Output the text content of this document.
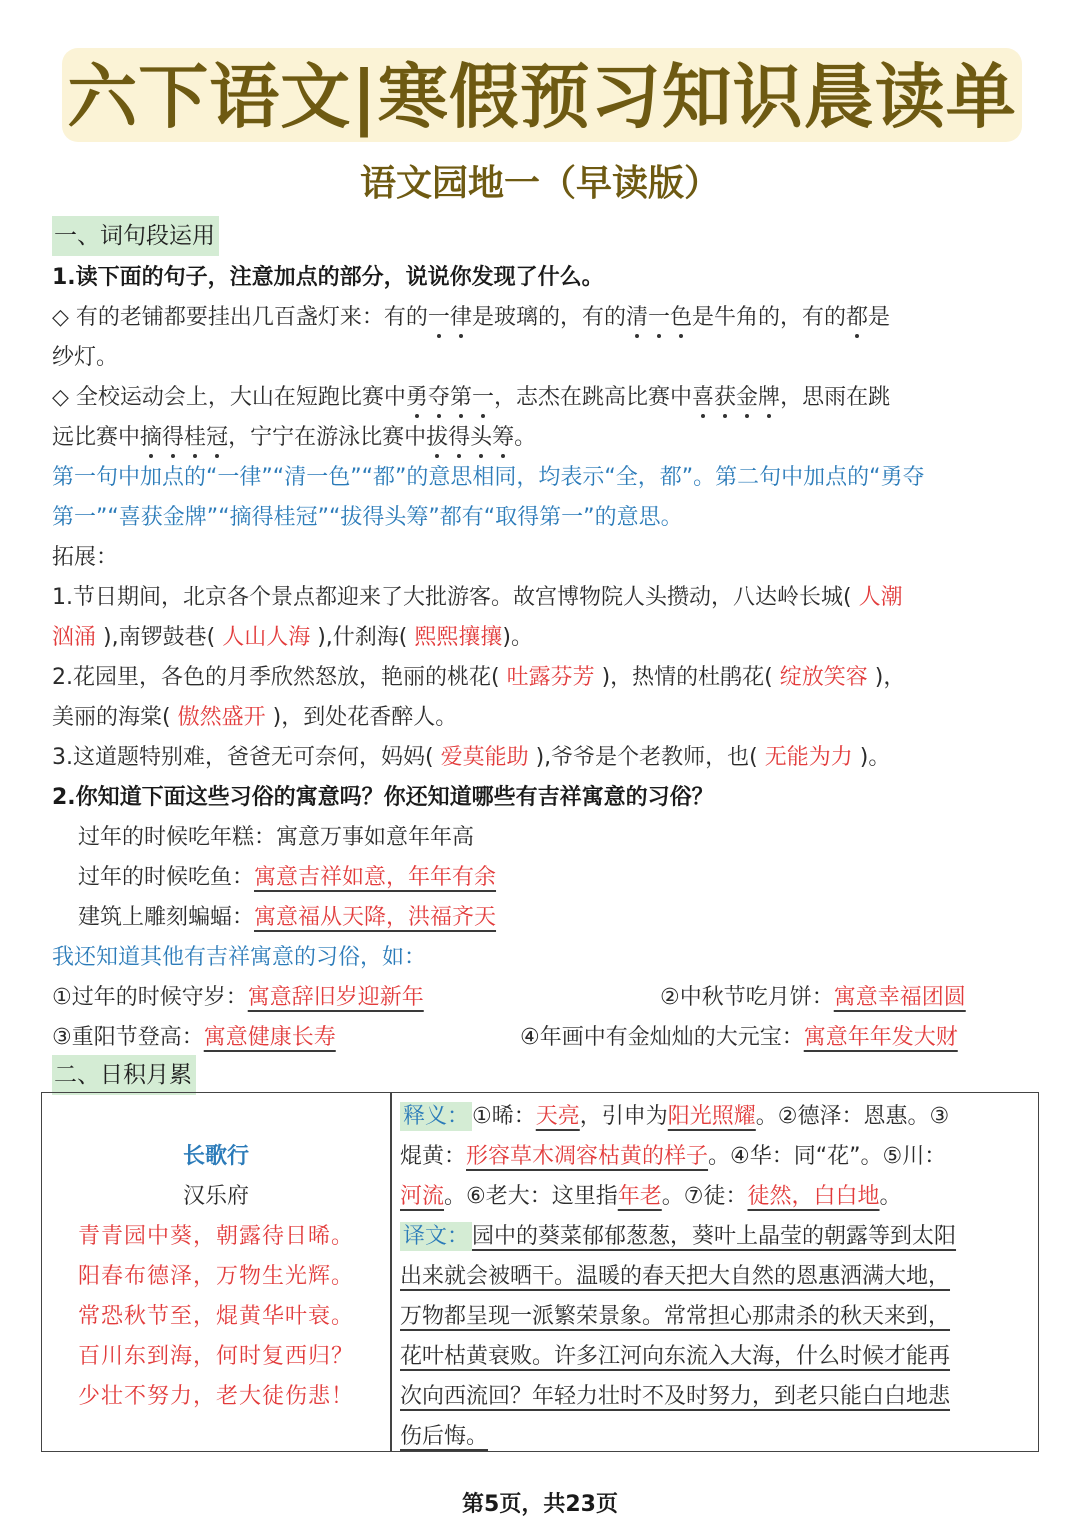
六下语文|寒假预习知识晨读单
语文园地一（早读版）
一、词句段运用
1.读下面的句子，注意加点的部分，说说你发现了什么。
◇ 有的老铺都要挂出几百盏灯来：有的一律是玻璃的，有的清一色是牛角的，有的都是
纱灯。
◇ 全校运动会上，大山在短跑比赛中勇夺第一，志杰在跳高比赛中喜获金牌，思雨在跳
远比赛中摘得桂冠，宁宁在游泳比赛中拔得头筹。
第一句中加点的“一律”“清一色”“都”的意思相同，均表示“全，都”。第二句中加点的“勇夺
第一”“喜获金牌”“摘得桂冠”“拔得头筹”都有“取得第一”的意思。
拓展：
1.节日期间，北京各个景点都迎来了大批游客。故宫博物院人头攒动，八达岭长城( 人潮
汹涌 ),南锣鼓巷( 人山人海 ),什刹海( 熙熙攘攘)。
2.花园里，各色的月季欣然怒放，艳丽的桃花( 吐露芬芳 )，热情的杜鹃花( 绽放笑容 )，
美丽的海棠( 傲然盛开 )，到处花香醉人。
3.这道题特别难，爸爸无可奈何，妈妈( 爱莫能助 ),爷爷是个老教师，也( 无能为力 )。
2.你知道下面这些习俗的寓意吗？你还知道哪些有吉祥寓意的习俗？
过年的时候吃年糕：寓意万事如意年年高
过年的时候吃鱼：寓意吉祥如意，年年有余
建筑上雕刻蝙蝠：寓意福从天降，洪福齐天
我还知道其他有吉祥寓意的习俗，如：
①过年的时候守岁：寓意辞旧岁迎新年	②中秋节吃月饼：寓意幸福团圆
③重阳节登高：寓意健康长寿	④年画中有金灿灿的大元宝：寓意年年发大财
二、日积月累
长歌行
汉乐府
青青园中葵，朝露待日晞。
阳春布德泽，万物生光辉。
常恐秋节至，焜黄华叶衰。
百川东到海，何时复西归？
少壮不努力，老大徒伤悲！
释义： ①晞：天亮，引申为阳光照耀。②德泽：恩惠。③
焜黄：形容草木凋容枯黄的样子。④华：同“花”。⑤川：
河流。⑥老大：这里指年老。⑦徒：徒然，白白地。
译文： 园中的葵菜郁郁葱葱，葵叶上晶莹的朝露等到太阳
出来就会被晒干。温暖的春天把大自然的恩惠洒满大地，
万物都呈现一派繁荣景象。常常担心那肃杀的秋天来到，
花叶枯黄衰败。许多江河向东流入大海，什么时候才能再
次向西流回？年轻力壮时不及时努力，到老只能白白地悲
伤后悔。
第5页，共23页
